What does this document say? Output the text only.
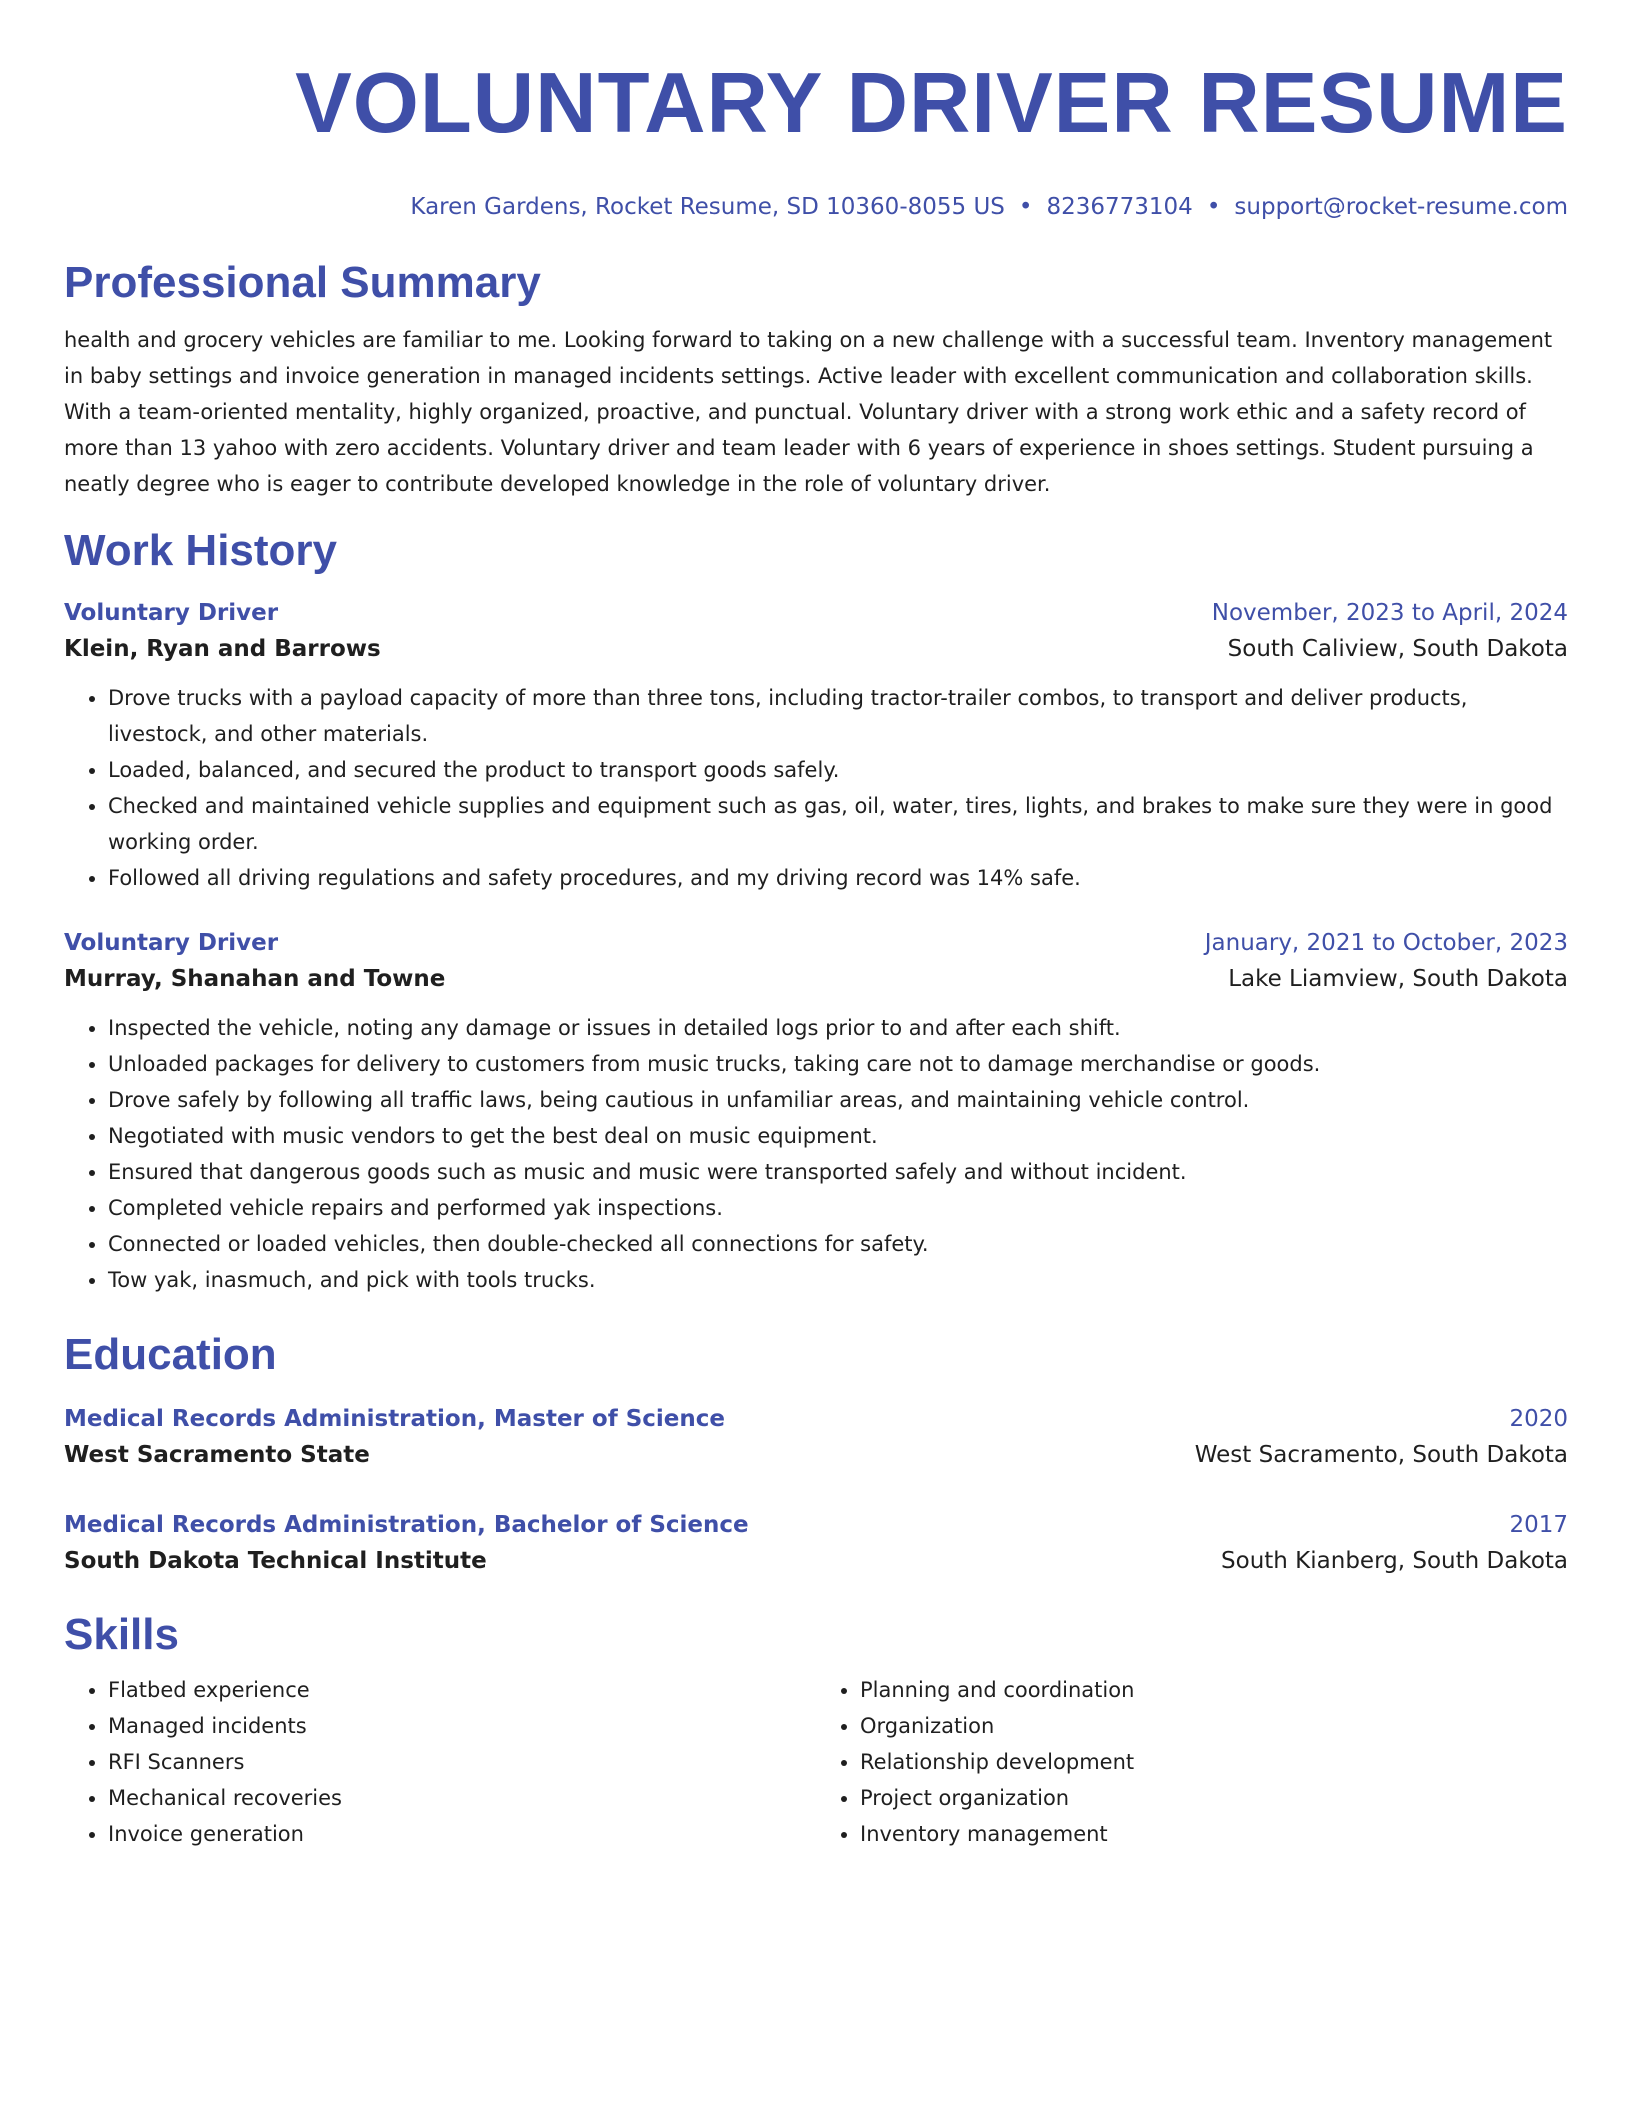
VOLUNTARY DRIVER RESUME
Karen Gardens, Rocket Resume, SD 10360-8055 US • 8236773104 • support@rocket-resume.com
Professional Summary

health and grocery vehicles are familiar to me. Looking forward to taking on a new challenge with a successful team. Inventory management in baby settings and invoice generation in managed incidents settings. Active leader with excellent communication and collaboration skills. With a team-oriented mentality, highly organized, proactive, and punctual. Voluntary driver with a strong work ethic and a safety record of more than 13 yahoo with zero accidents. Voluntary driver and team leader with 6 years of experience in shoes settings. Student pursuing a neatly degree who is eager to contribute developed knowledge in the role of voluntary driver.

Work History
Voluntary Driver	November, 2023 to April, 2024
Klein, Ryan and Barrows	South Caliview, South Dakota
• Drove trucks with a payload capacity of more than three tons, including tractor-trailer combos, to transport and deliver products, livestock, and other materials.
• Loaded, balanced, and secured the product to transport goods safely.
• Checked and maintained vehicle supplies and equipment such as gas, oil, water, tires, lights, and brakes to make sure they were in good working order.
• Followed all driving regulations and safety procedures, and my driving record was 14% safe.
Voluntary Driver	January, 2021 to October, 2023
Murray, Shanahan and Towne	Lake Liamview, South Dakota
• Inspected the vehicle, noting any damage or issues in detailed logs prior to and after each shift.
• Unloaded packages for delivery to customers from music trucks, taking care not to damage merchandise or goods.
• Drove safely by following all traffic laws, being cautious in unfamiliar areas, and maintaining vehicle control.
• Negotiated with music vendors to get the best deal on music equipment.
• Ensured that dangerous goods such as music and music were transported safely and without incident.
• Completed vehicle repairs and performed yak inspections.
• Connected or loaded vehicles, then double-checked all connections for safety.
• Tow yak, inasmuch, and pick with tools trucks.
Education
Medical Records Administration, Master of Science	2020
West Sacramento State	West Sacramento, South Dakota
Medical Records Administration, Bachelor of Science	2017
South Dakota Technical Institute	South Kianberg, South Dakota
Skills
• Flatbed experience
• Managed incidents
• RFI Scanners
• Mechanical recoveries
• Invoice generation
• Planning and coordination
• Organization
• Relationship development
• Project organization
• Inventory management
